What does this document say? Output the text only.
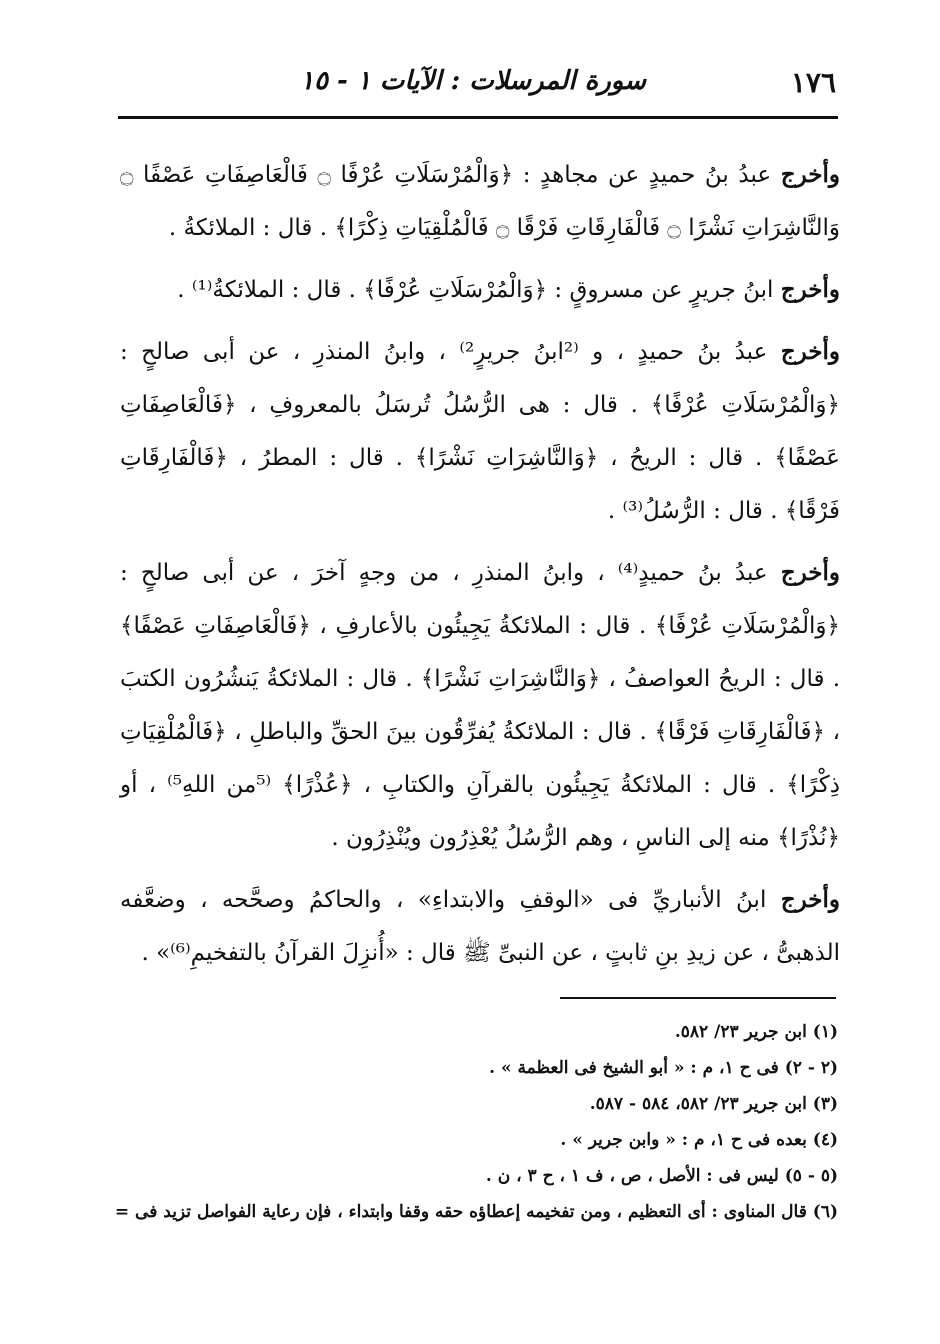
١٧٦
سورة المرسلات : الآيات ١ - ١٥

وأخرج عبدُ بنُ حميدٍ عن مجاهدٍ : ﴿وَالْمُرْسَلَاتِ عُرْفًا ۝ فَالْعَاصِفَاتِ عَصْفًا ۝ وَالنَّاشِرَاتِ نَشْرًا ۝ فَالْفَارِقَاتِ فَرْقًا ۝ فَالْمُلْقِيَاتِ ذِكْرًا﴾ . قال : الملائكةُ .

وأخرج ابنُ جريرٍ عن مسروقٍ : ﴿وَالْمُرْسَلَاتِ عُرْفًا﴾ . قال : الملائكةُ⁽¹⁾ .

وأخرج عبدُ بنُ حميدٍ ، و ⁽²ابنُ جريرٍ²⁾ ، وابنُ المنذرِ ، عن أبى صالحٍ : ﴿وَالْمُرْسَلَاتِ عُرْفًا﴾ . قال : هى الرُّسُلُ تُرسَلُ بالمعروفِ ، ﴿فَالْعَاصِفَاتِ عَصْفًا﴾ . قال : الريحُ ، ﴿وَالنَّاشِرَاتِ نَشْرًا﴾ . قال : المطرُ ، ﴿فَالْفَارِقَاتِ فَرْقًا﴾ . قال : الرُّسُلُ⁽³⁾ .

وأخرج عبدُ بنُ حميدٍ⁽⁴⁾ ، وابنُ المنذرِ ، من وجهٍ آخرَ ، عن أبى صالحٍ : ﴿وَالْمُرْسَلَاتِ عُرْفًا﴾ . قال : الملائكةُ يَجِيئُون بالأعارفِ ، ﴿فَالْعَاصِفَاتِ عَصْفًا﴾ . قال : الريحُ العواصفُ ، ﴿وَالنَّاشِرَاتِ نَشْرًا﴾ . قال : الملائكةُ يَنشُرُون الكتبَ ، ﴿فَالْفَارِقَاتِ فَرْقًا﴾ . قال : الملائكةُ يُفرِّقُون بينَ الحقِّ والباطلِ ، ﴿فَالْمُلْقِيَاتِ ذِكْرًا﴾ . قال : الملائكةُ يَجِيئُون بالقرآنِ والكتابِ ، ﴿عُذْرًا﴾ ⁽⁵من اللهِ⁵⁾ ، أو ﴿نُذْرًا﴾ منه إلى الناسِ ، وهم الرُّسُلُ يُعْذِرُون ويُنْذِرُون .

وأخرج ابنُ الأنباريِّ فى «الوقفِ والابتداءِ» ، والحاكمُ وصحَّحه ، وضعَّفه الذهبىُّ ، عن زيدِ بنِ ثابتٍ ، عن النبىِّ ﷺ قال : «أُنزِلَ القرآنُ بالتفخيمِ⁽⁶⁾» .

(١) ابن جرير ٢٣/ ٥٨٢.
(٢ - ٢) فى ح ١، م : « أبو الشيخ فى العظمة » .
(٣) ابن جرير ٢٣/ ٥٨٢، ٥٨٤ - ٥٨٧.
(٤) بعده فى ح ١، م : « وابن جرير » .
(٥ - ٥) ليس فى : الأصل ، ص ، ف ١ ، ح ٣ ، ن .
(٦) قال المناوى : أى التعظيم ، ومن تفخيمه إعطاؤه حقه وقفا وابتداء ، فإن رعاية الفواصل تزيد فى =
